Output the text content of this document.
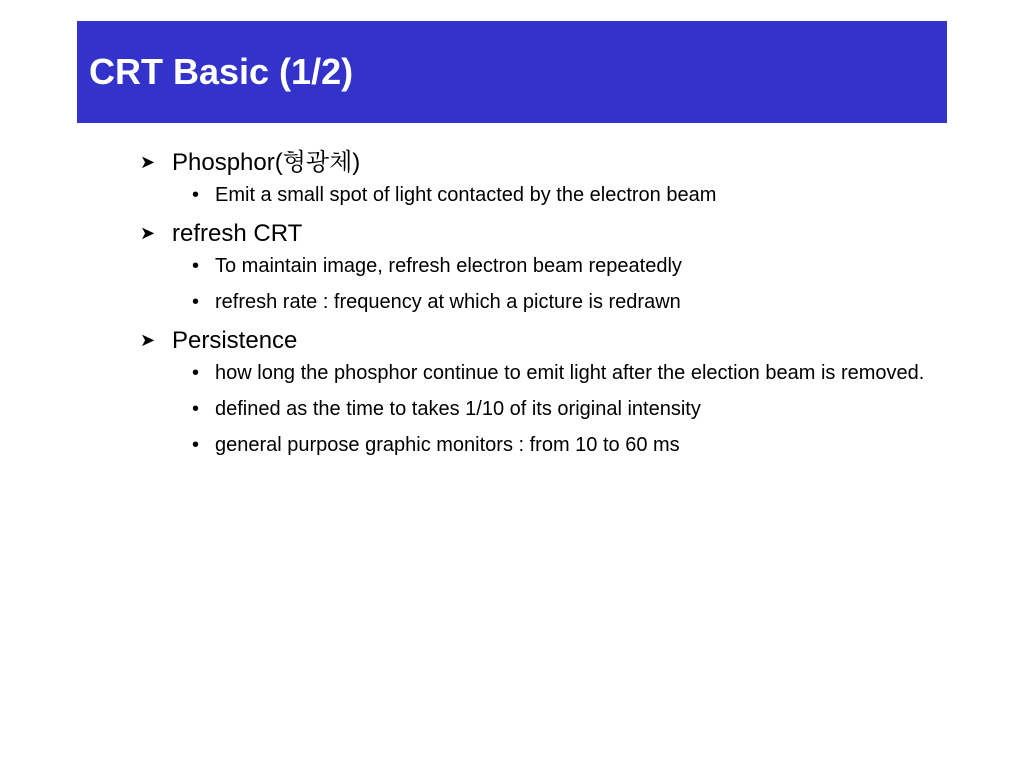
CRT Basic (1/2)
➤ Phosphor(형광체)
• Emit a small spot of light contacted by the electron beam
➤ refresh CRT
• To maintain image, refresh electron beam repeatedly
• refresh rate : frequency at which a picture is redrawn
➤ Persistence
• how long the phosphor continue to emit light after the election beam is removed.
• defined as the time to takes 1/10 of its original intensity
• general purpose graphic monitors : from 10 to 60 ms
